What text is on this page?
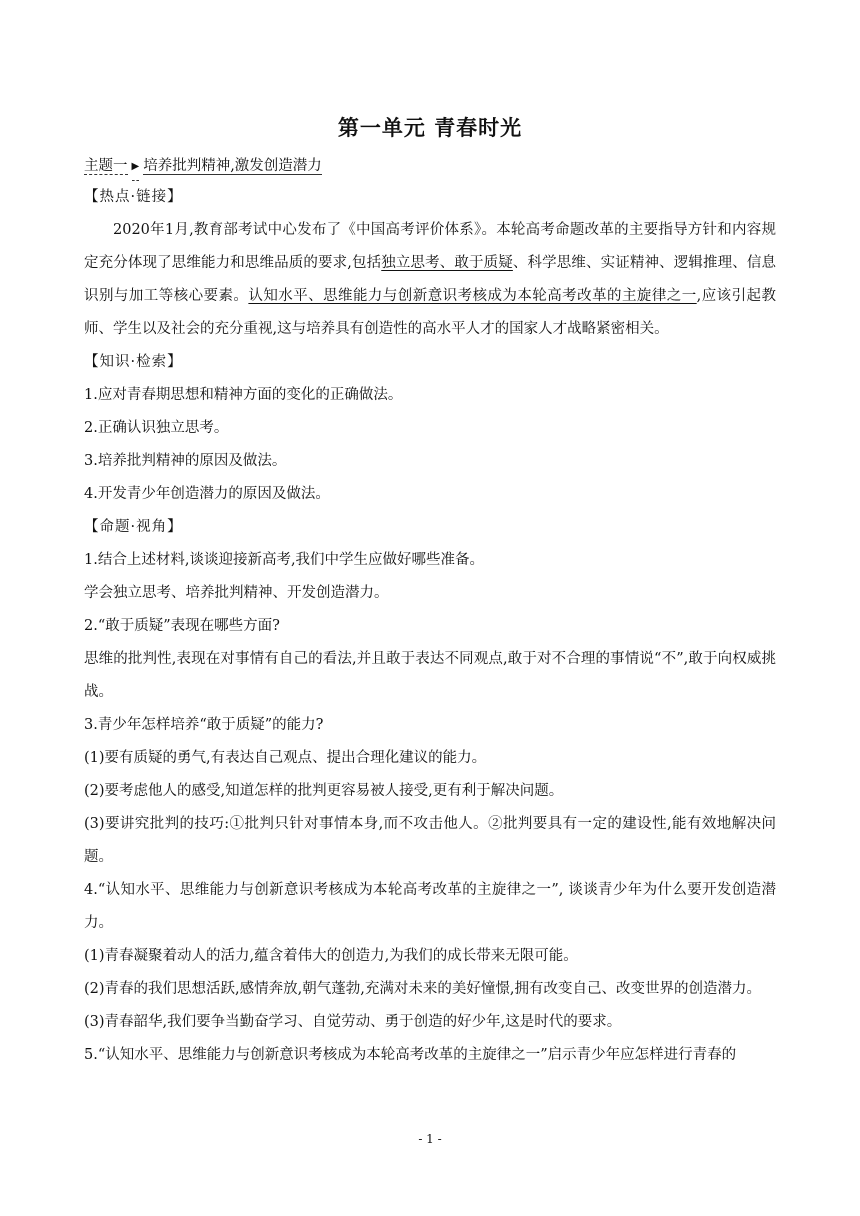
第一单元 青春时光

主题一 ▶ 培养批判精神,激发创造潜力

【热点·链接】

2020年1月,教育部考试中心发布了《中国高考评价体系》。本轮高考命题改革的主要指导方针和内容规定充分体现了思维能力和思维品质的要求,包括独立思考、敢于质疑、科学思维、实证精神、逻辑推理、信息识别与加工等核心要素。认知水平、思维能力与创新意识考核成为本轮高考改革的主旋律之一,应该引起教师、学生以及社会的充分重视,这与培养具有创造性的高水平人才的国家人才战略紧密相关。

【知识·检索】

1.应对青春期思想和精神方面的变化的正确做法。

2.正确认识独立思考。

3.培养批判精神的原因及做法。

4.开发青少年创造潜力的原因及做法。

【命题·视角】

1.结合上述材料,谈谈迎接新高考,我们中学生应做好哪些准备。

学会独立思考、培养批判精神、开发创造潜力。

2.“敢于质疑”表现在哪些方面?

思维的批判性,表现在对事情有自己的看法,并且敢于表达不同观点,敢于对不合理的事情说“不”,敢于向权威挑战。

3.青少年怎样培养“敢于质疑”的能力?

(1)要有质疑的勇气,有表达自己观点、提出合理化建议的能力。

(2)要考虑他人的感受,知道怎样的批判更容易被人接受,更有利于解决问题。

(3)要讲究批判的技巧:①批判只针对事情本身,而不攻击他人。②批判要具有一定的建设性,能有效地解决问题。

4.“认知水平、思维能力与创新意识考核成为本轮高考改革的主旋律之一”, 谈谈青少年为什么要开发创造潜力。

(1)青春凝聚着动人的活力,蕴含着伟大的创造力,为我们的成长带来无限可能。

(2)青春的我们思想活跃,感情奔放,朝气蓬勃,充满对未来的美好憧憬,拥有改变自己、改变世界的创造潜力。

(3)青春韶华,我们要争当勤奋学习、自觉劳动、勇于创造的好少年,这是时代的要求。

5.“认知水平、思维能力与创新意识考核成为本轮高考改革的主旋律之一”启示青少年应怎样进行青春的

- 1 -
